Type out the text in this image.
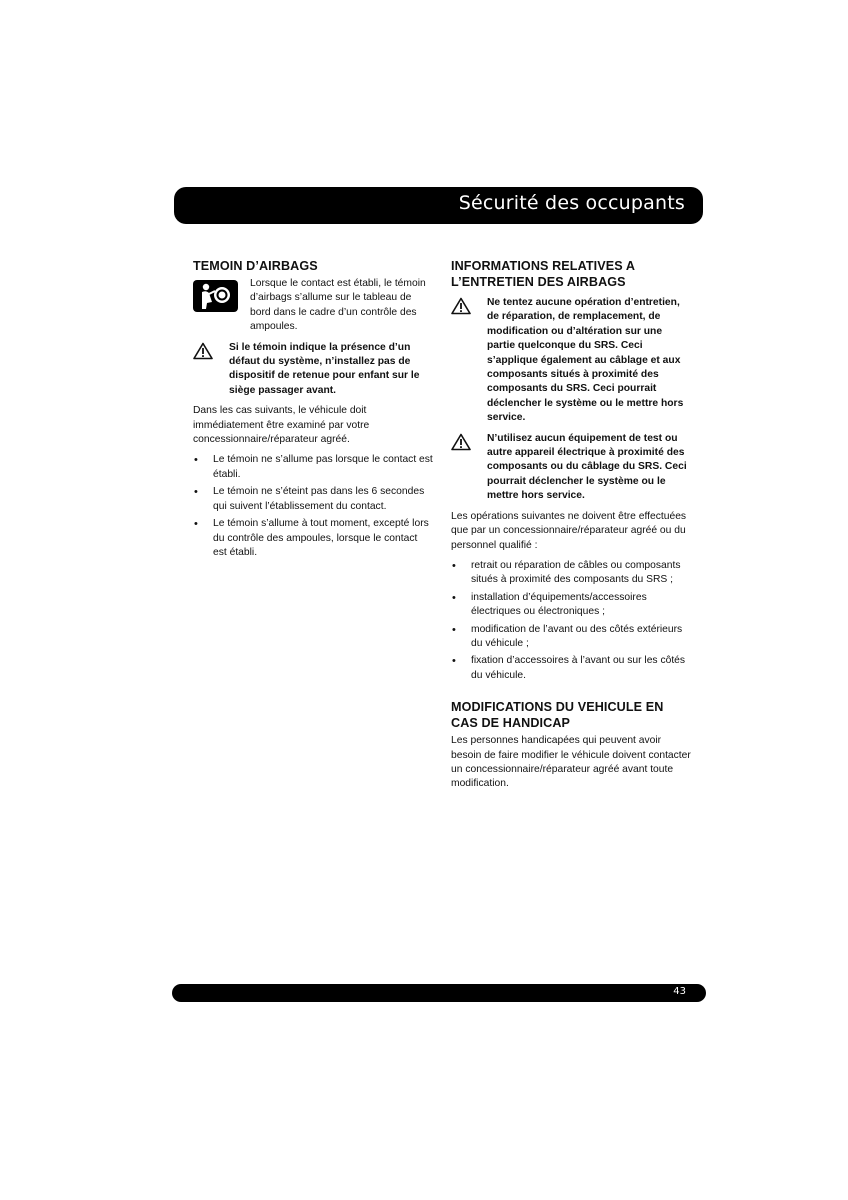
Sécurité des occupants
TEMOIN D’AIRBAGS
Lorsque le contact est établi, le témoin d’airbags s’allume sur le tableau de bord dans le cadre d’un contrôle des ampoules.
Si le témoin indique la présence d’un défaut du système, n’installez pas de dispositif de retenue pour enfant sur le siège passager avant.

Dans les cas suivants, le véhicule doit immédiatement être examiné par votre concessionnaire/réparateur agréé.

• Le témoin ne s’allume pas lorsque le contact est établi.
• Le témoin ne s’éteint pas dans les 6 secondes qui suivent l’établissement du contact.
• Le témoin s’allume à tout moment, excepté lors du contrôle des ampoules, lorsque le contact est établi.
INFORMATIONS RELATIVES A L’ENTRETIEN DES AIRBAGS
Ne tentez aucune opération d’entretien, de réparation, de remplacement, de modification ou d’altération sur une partie quelconque du SRS. Ceci s’applique également au câblage et aux composants situés à proximité des composants du SRS. Ceci pourrait déclencher le système ou le mettre hors service.
N’utilisez aucun équipement de test ou autre appareil électrique à proximité des composants ou du câblage du SRS. Ceci pourrait déclencher le système ou le mettre hors service.

Les opérations suivantes ne doivent être effectuées que par un concessionnaire/réparateur agréé ou du personnel qualifié :

• retrait ou réparation de câbles ou composants situés à proximité des composants du SRS ;
• installation d’équipements/accessoires électriques ou électroniques ;
• modification de l’avant ou des côtés extérieurs du véhicule ;
• fixation d’accessoires à l’avant ou sur les côtés du véhicule.
MODIFICATIONS DU VEHICULE EN CAS DE HANDICAP

Les personnes handicapées qui peuvent avoir besoin de faire modifier le véhicule doivent contacter un concessionnaire/réparateur agréé avant toute modification.

43
